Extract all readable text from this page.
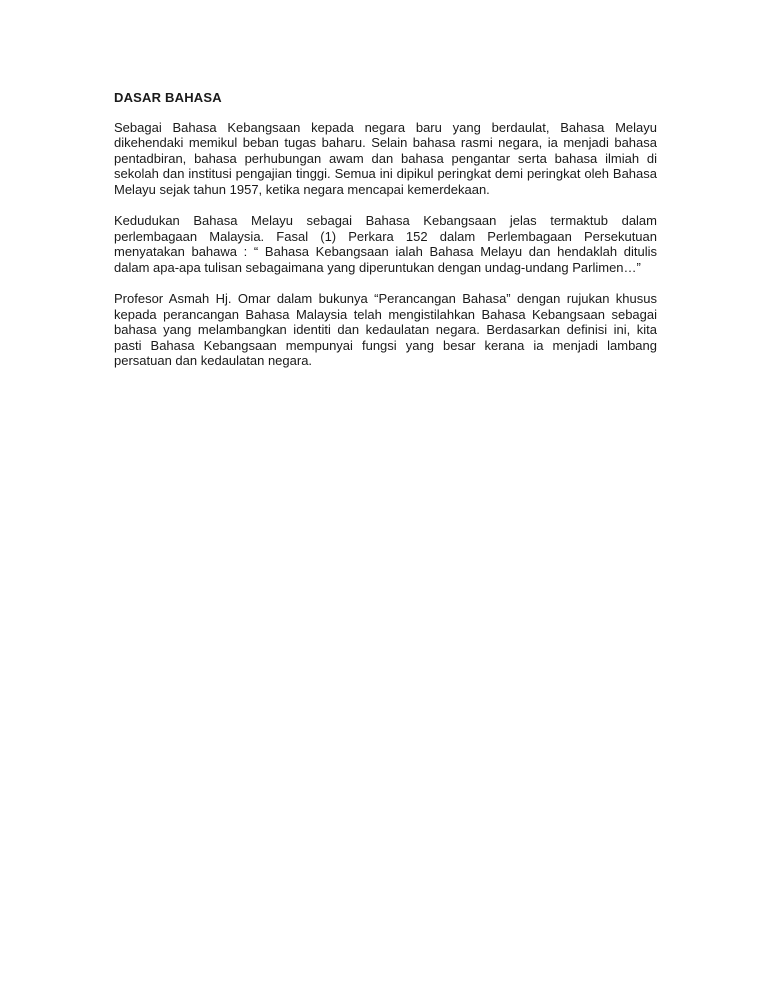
DASAR BAHASA

Sebagai Bahasa Kebangsaan kepada negara baru yang berdaulat, Bahasa Melayu dikehendaki memikul beban tugas baharu. Selain bahasa rasmi negara, ia menjadi bahasa pentadbiran, bahasa perhubungan awam dan bahasa pengantar serta bahasa ilmiah di sekolah dan institusi pengajian tinggi. Semua ini dipikul peringkat demi peringkat oleh Bahasa Melayu sejak tahun 1957, ketika negara mencapai kemerdekaan.

Kedudukan Bahasa Melayu sebagai Bahasa Kebangsaan jelas termaktub dalam perlembagaan Malaysia. Fasal (1) Perkara 152 dalam Perlembagaan Persekutuan menyatakan bahawa : “ Bahasa Kebangsaan ialah Bahasa Melayu dan hendaklah ditulis dalam apa-apa tulisan sebagaimana yang diperuntukan dengan undag-undang Parlimen…”

Profesor Asmah Hj. Omar dalam bukunya “Perancangan Bahasa” dengan rujukan khusus kepada perancangan Bahasa Malaysia telah mengistilahkan Bahasa Kebangsaan sebagai bahasa yang melambangkan identiti dan kedaulatan negara. Berdasarkan definisi ini, kita pasti Bahasa Kebangsaan mempunyai fungsi yang besar kerana ia menjadi lambang persatuan dan kedaulatan negara.
